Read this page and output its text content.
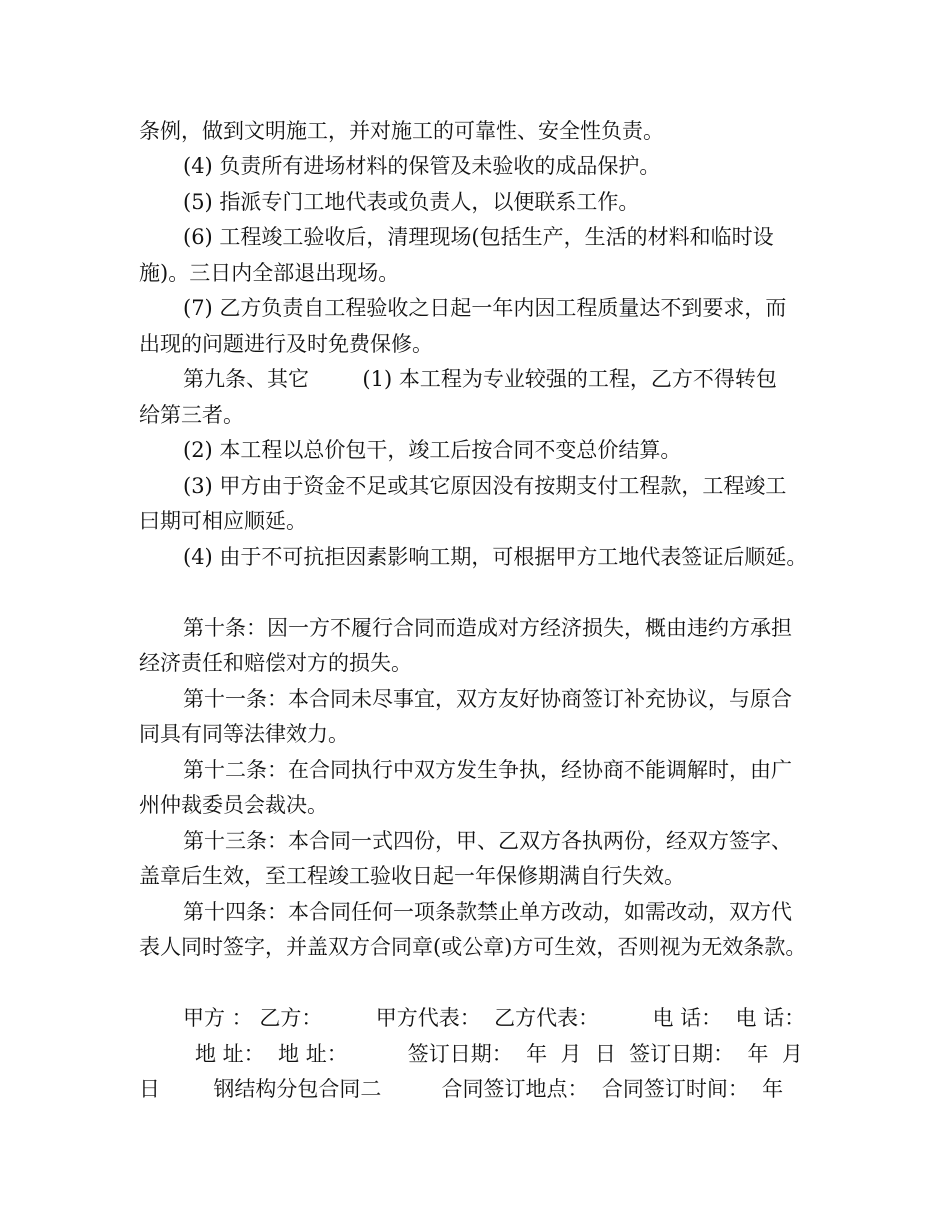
条例，做到文明施工，并对施工的可靠性、安全性负责。
(4) 负责所有进场材料的保管及未验收的成品保护。
(5) 指派专门工地代表或负责人，以便联系工作。
(6) 工程竣工验收后，清理现场(包括生产，生活的材料和临时设
施)。三日内全部退出现场。
(7) 乙方负责自工程验收之日起一年内因工程质量达不到要求，而
出现的问题进行及时免费保修。
第九条、其它        (1) 本工程为专业较强的工程，乙方不得转包
给第三者。
(2) 本工程以总价包干，竣工后按合同不变总价结算。
(3) 甲方由于资金不足或其它原因没有按期支付工程款，工程竣工
曰期可相应顺延。
(4) 由于不可抗拒因素影响工期，可根据甲方工地代表签证后顺延。
第十条：因一方不履行合同而造成对方经济损失，概由违约方承担
经济责任和赔偿对方的损失。
第十一条：本合同未尽事宜，双方友好协商签订补充协议，与原合
同具有同等法律效力。
第十二条：在合同执行中双方发生争执，经协商不能调解时，由广
州仲裁委员会裁决。
第十三条：本合同一式四份，甲、乙双方各执两份，经双方签字、
盖章后生效，至工程竣工验收日起一年保修期满自行失效。
第十四条：本合同任何一项条款禁止单方改动，如需改动，双方代
表人同时签字，并盖双方合同章(或公章)方可生效，否则视为无效条款。
甲方 ： 乙方：        甲方代表：  乙方代表：        电 话：  电 话：
地 址：  地 址：         签订日期：  年  月  日  签订日期：  年  月
日        钢结构分包合同二         合同签订地点：  合同签订时间：  年
